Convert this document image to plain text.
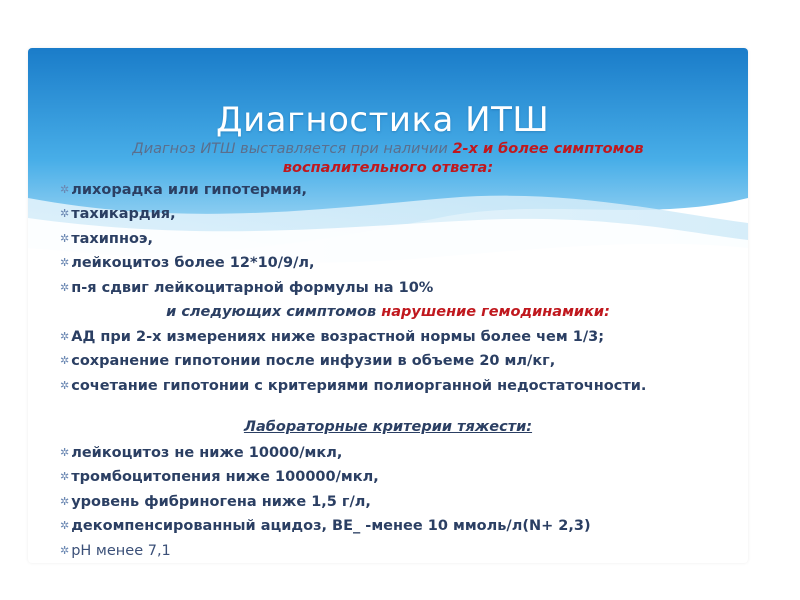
Диагностика ИТШ
Диагноз ИТШ выставляется при наличии 2-х и более симптомов
воспалительного ответа:
✲ лихорадка или гипотермия,
✲ тахикардия,
✲ тахипноэ,
✲ лейкоцитоз более 12*10/9/л,
✲ п-я сдвиг лейкоцитарной формулы на 10%
и следующих симптомов нарушение гемодинамики:
✲ АД при 2-х измерениях ниже возрастной нормы более чем 1/3;
✲ сохранение гипотонии после инфузии в объеме 20 мл/кг,
✲ сочетание гипотонии с критериями полиорганной недостаточности.
Лабораторные критерии тяжести:
✲ лейкоцитоз не ниже 10000/мкл,
✲ тромбоцитопения ниже 100000/мкл,
✲ уровень фибриногена ниже 1,5 г/л,
✲ декомпенсированный ацидоз, BE_ -менее 10 ммоль/л(N+ 2,3)
✲ pH менее 7,1
